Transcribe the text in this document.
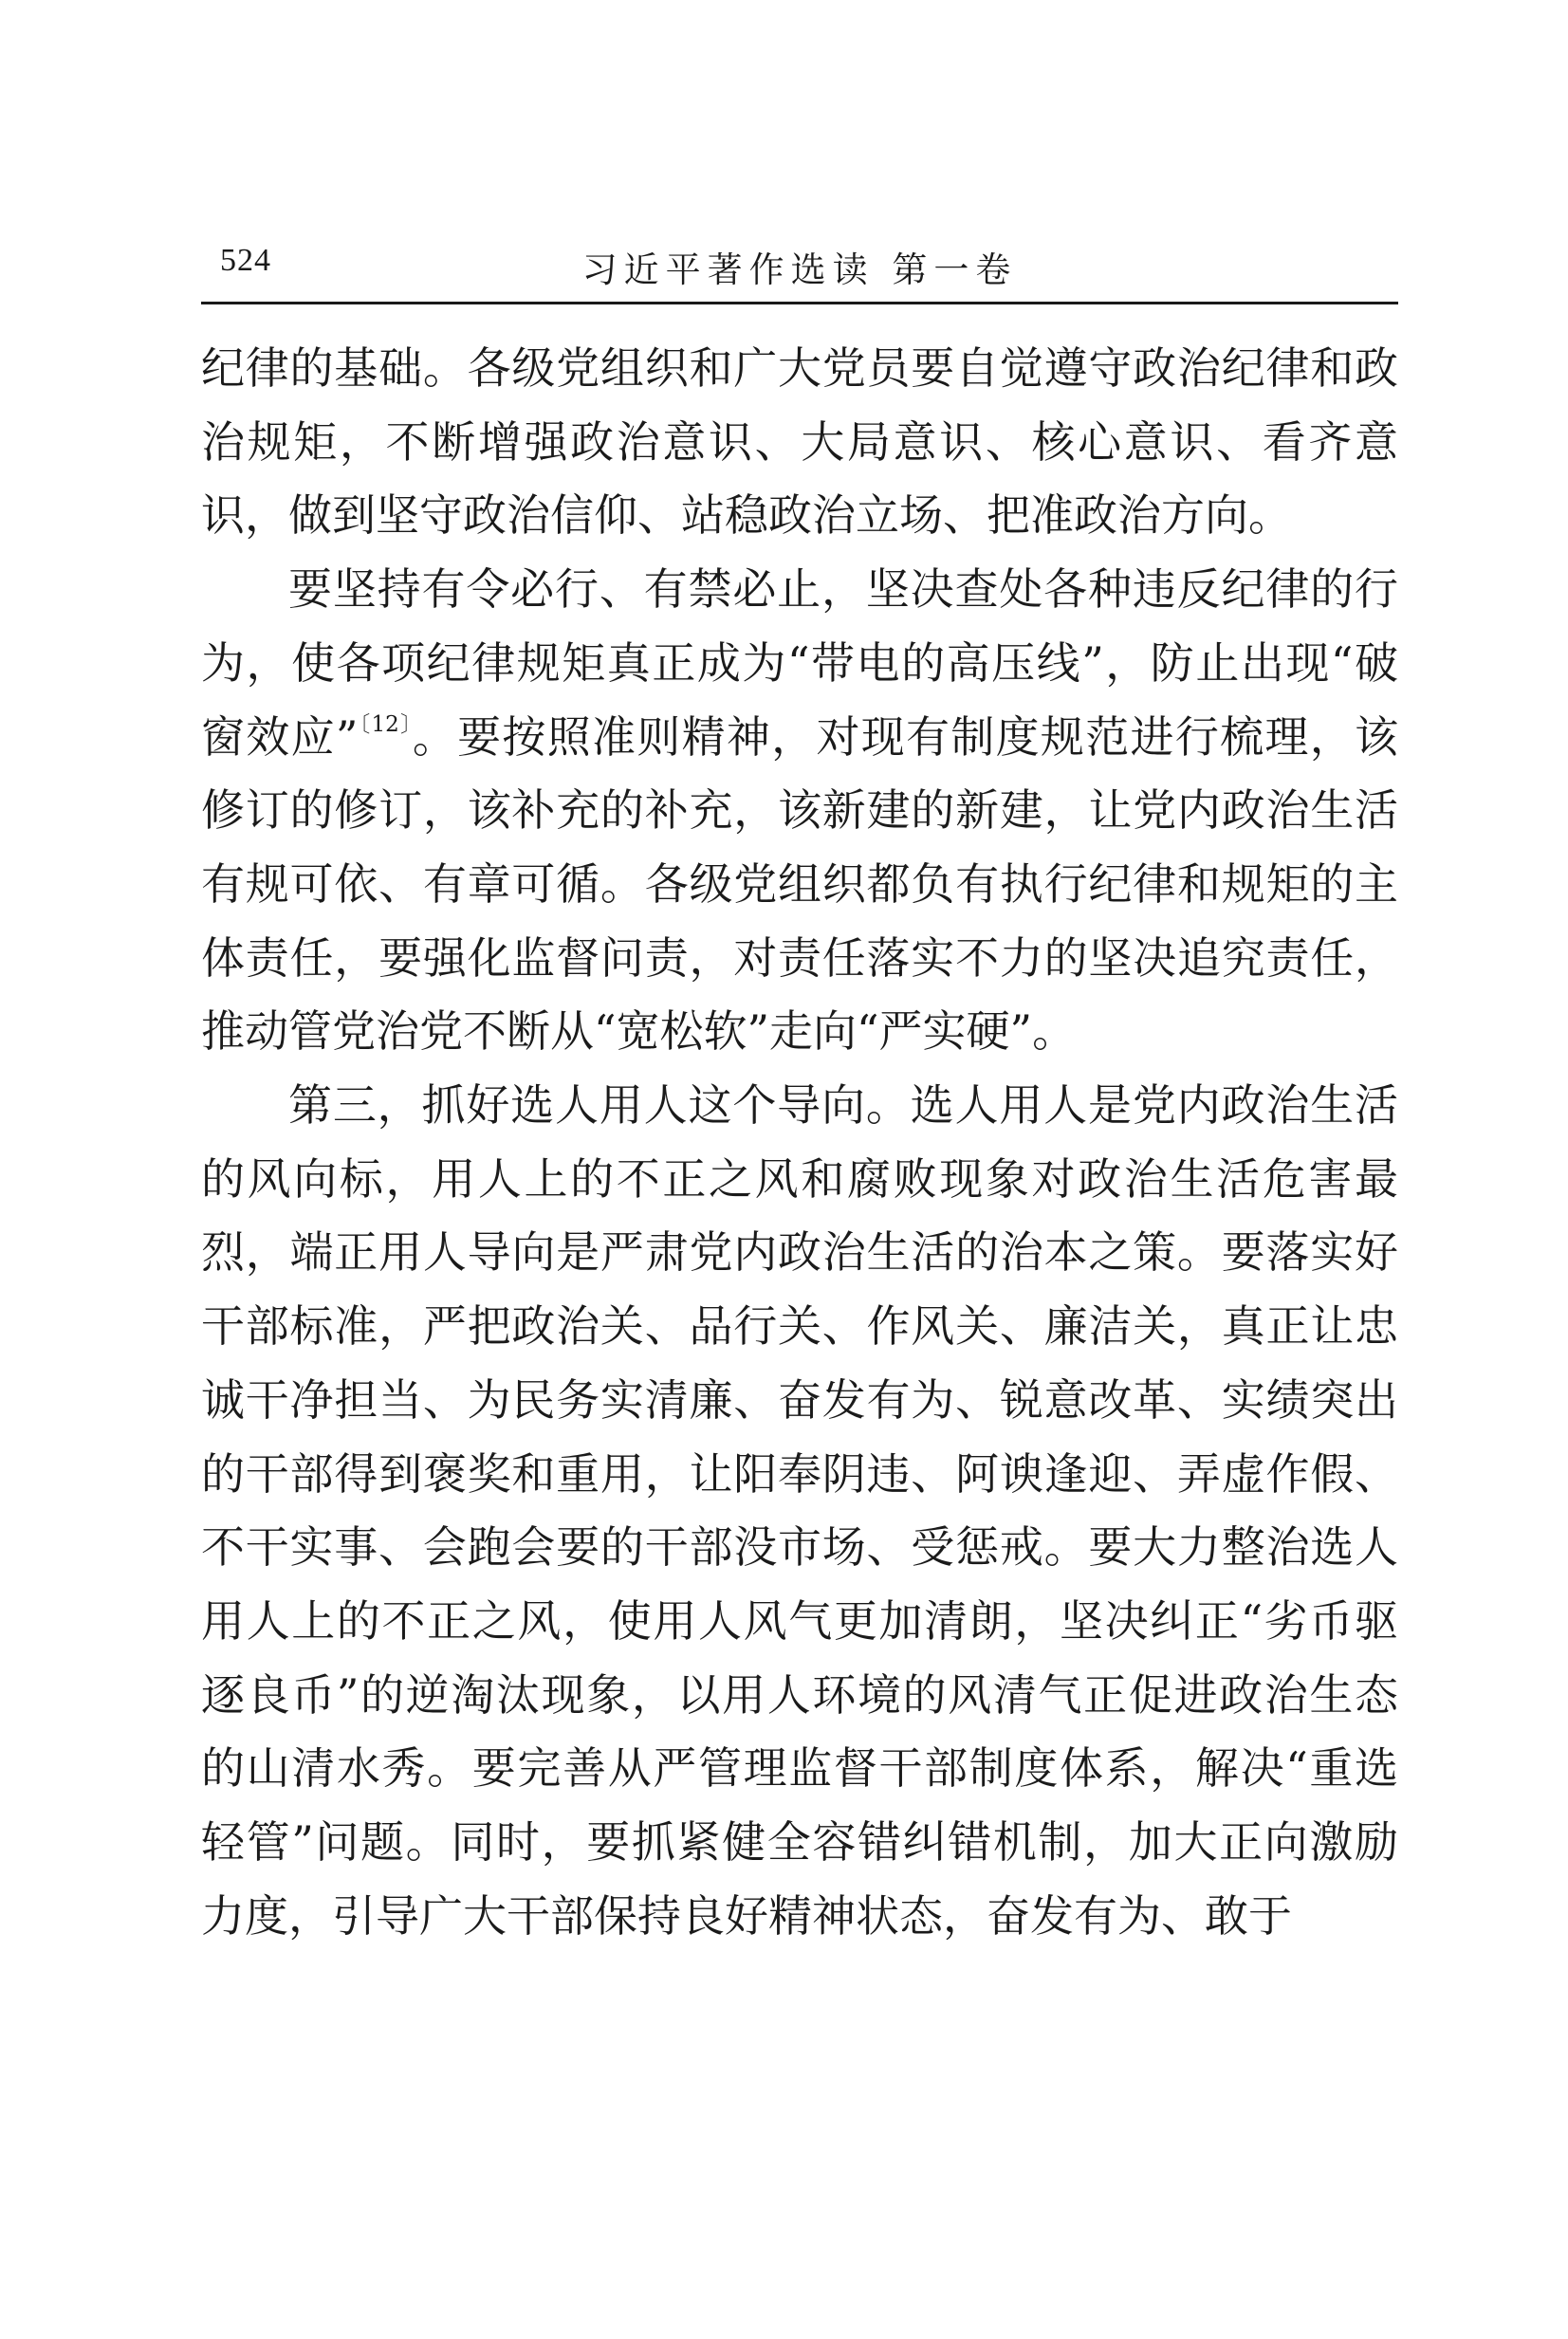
524	习近平著作选读 第一卷

纪律的基础。各级党组织和广大党员要自觉遵守政治纪律和政治规矩，不断增强政治意识、大局意识、核心意识、看齐意识，做到坚守政治信仰、站稳政治立场、把准政治方向。

要坚持有令必行、有禁必止，坚决查处各种违反纪律的行为，使各项纪律规矩真正成为“带电的高压线”，防止出现“破窗效应”$^{〔12〕}$。要按照准则精神，对现有制度规范进行梳理，该修订的修订，该补充的补充，该新建的新建，让党内政治生活有规可依、有章可循。各级党组织都负有执行纪律和规矩的主体责任，要强化监督问责，对责任落实不力的坚决追究责任，推动管党治党不断从“宽松软”走向“严实硬”。

第三，抓好选人用人这个导向。选人用人是党内政治生活的风向标，用人上的不正之风和腐败现象对政治生活危害最烈，端正用人导向是严肃党内政治生活的治本之策。要落实好干部标准，严把政治关、品行关、作风关、廉洁关，真正让忠诚干净担当、为民务实清廉、奋发有为、锐意改革、实绩突出的干部得到褒奖和重用，让阳奉阴违、阿谀逢迎、弄虚作假、不干实事、会跑会要的干部没市场、受惩戒。要大力整治选人用人上的不正之风，使用人风气更加清朗，坚决纠正“劣币驱逐良币”的逆淘汰现象，以用人环境的风清气正促进政治生态的山清水秀。要完善从严管理监督干部制度体系，解决“重选轻管”问题。同时，要抓紧健全容错纠错机制，加大正向激励力度，引导广大干部保持良好精神状态，奋发有为、敢于
